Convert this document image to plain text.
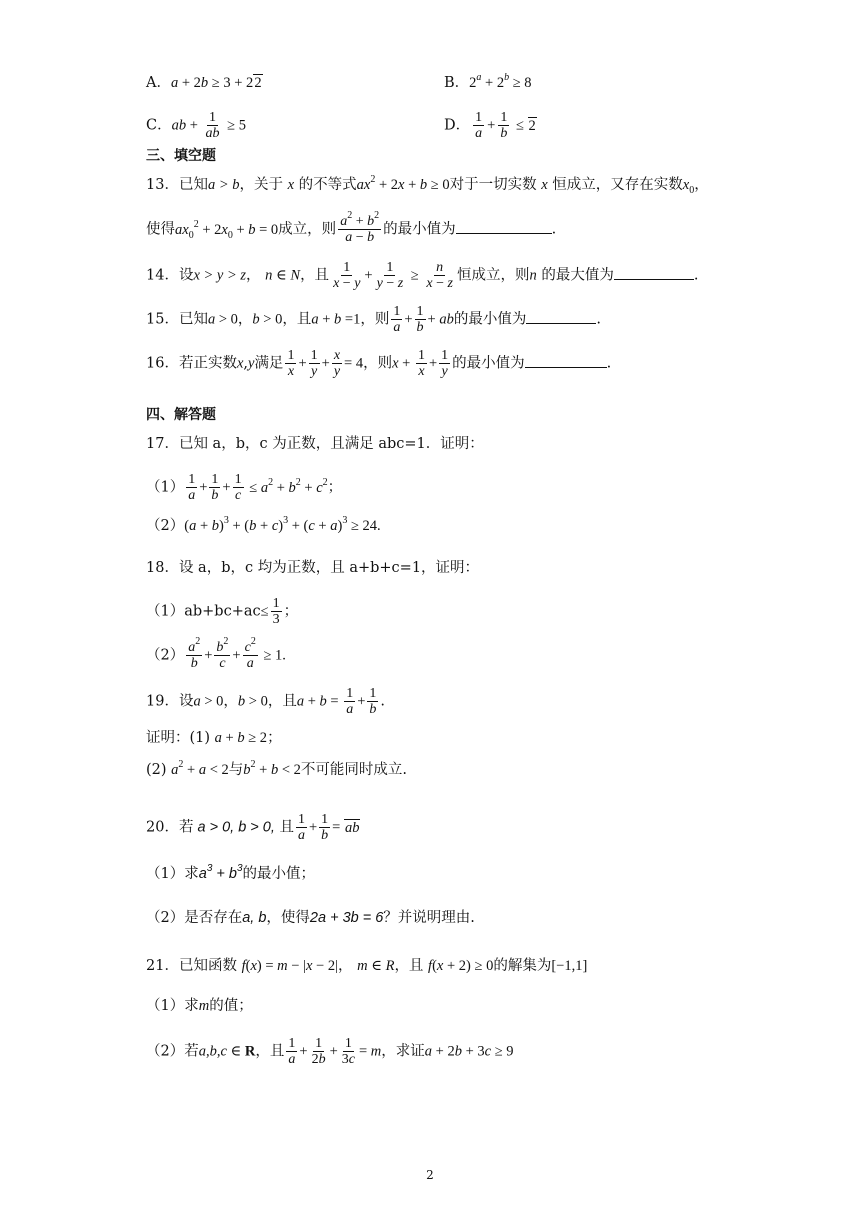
A．a + 2b ≥ 3 + 22	B．$2^a + 2^b \ge 8$
C．ab + $\frac{1}{ab} \ge 5$	D． $\frac{1}{a} + \frac{1}{b} \le 2$
三、填空题
13．已知a > b，关于 x 的不等式$ax^2 + 2x + b \ge 0$对于一切实数 x 恒成立，又存在实数$x_0$，
使得$ax_0^2 + 2x_0 + b = 0$成立，则 $\frac{a^2 + b^2}{a - b}$ 的最小值为	.
14．设x > y > z， n ∈ N，且 $\frac{1}{x - y} + \frac{1}{y - z} \ge \frac{n}{x - z}$ 恒成立，则n 的最大值为	.
15．已知a > 0，b > 0，且a + b =1，则 $\frac{1}{a} + \frac{1}{b}$ + ab的最小值为	.
16．若正实数x,y满足 $\frac{1}{x} + \frac{1}{y} + \frac{x}{y} = 4$，则$x + \frac{1}{x} + \frac{1}{y}$ 的最小值为	.
四、解答题
17．已知 a，b，c 为正数，且满足 abc=1．证明：
$(1) \frac{1}{a} + \frac{1}{b} + \frac{1}{c} \le a^2 + b^2 + c^2$；
$(2)(a + b)^3 + (b + c)^3 + (c + a)^3 \ge 24$.
18．设 a，b，c 均为正数，且 a+b+c=1，证明：
$(1)ab+bc+ac\le \frac{1}{3}$ ；
$(2) \frac{a^2}{b} + \frac{b^2}{c} + \frac{c^2}{a} \ge 1$.
19．设a > 0，b > 0，且$a + b = \frac{1}{a} + \frac{1}{b}$ .
证明：(1) a + b ≥ 2；
(2) $a^2 + a < 2$与$b^2 + b < 2$不可能同时成立.
20．若 a > 0, b > 0, 且 $\frac{1}{a} + \frac{1}{b}$ = ab
（1）求$a^3 + b^3$的最小值；
（2）是否存在a, b，使得2a + 3b = 6？并说明理由.
21．已知函数 f(x) = m − |x − 2|， m ∈ R，且 f(x + 2) ≥ 0的解集为[−1,1]
（1）求m的值；
（2）若a,b,c ∈ R，且 $\frac{1}{a} + \frac{1}{2b} + \frac{1}{3c} = m$，求证a + 2b + 3c ≥ 9
2
